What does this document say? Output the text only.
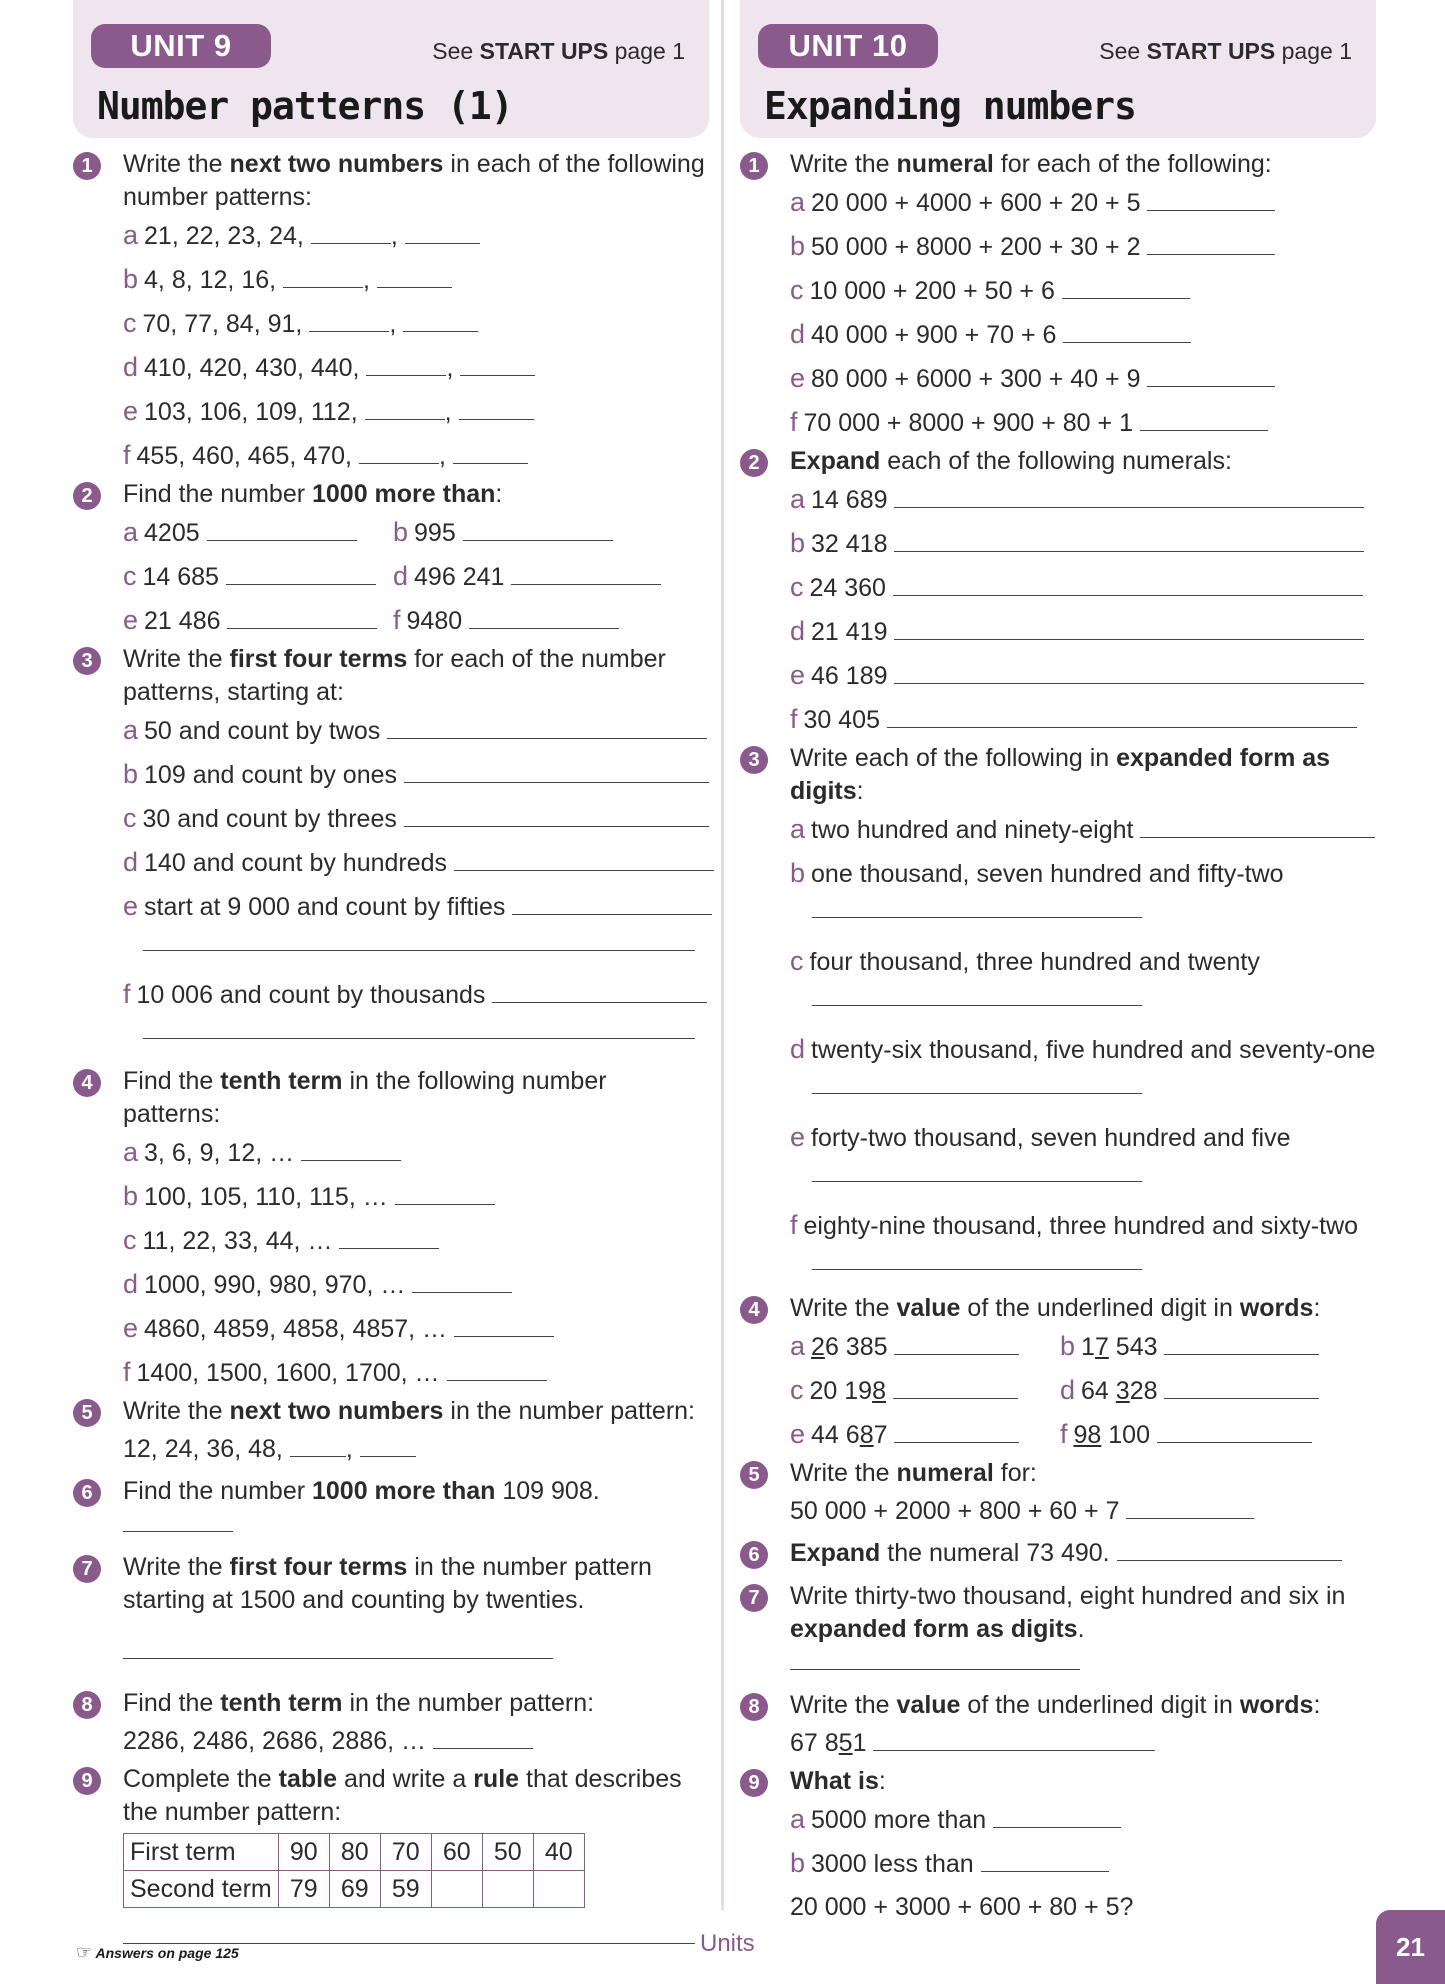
UNIT 9	See START UPS page 1
Number patterns (1)
1	Write the next two numbers in each of the following number patterns:
a 21, 22, 23, 24,	,
b 4, 8, 12, 16,	,
c 70, 77, 84, 91,	,
d 410, 420, 430, 440,	,
e 103, 106, 109, 112,	,
f 455, 460, 465, 470,	,
2	Find the number 1000 more than:
a 4205	b 995
c 14 685	d 496 241
e 21 486	f 9480
3	Write the first four terms for each of the number patterns, starting at:
a 50 and count by twos
b 109 and count by ones
c 30 and count by threes
d 140 and count by hundreds
e start at 9 000 and count by fifties
f 10 006 and count by thousands
4	Find the tenth term in the following number patterns:
a 3, 6, 9, 12, …
b 100, 105, 110, 115, …
c 11, 22, 33, 44, …
d 1000, 990, 980, 970, …
e 4860, 4859, 4858, 4857, …
f 1400, 1500, 1600, 1700, …
5	Write the next two numbers in the number pattern:
12, 24, 36, 48,	,
6	Find the number 1000 more than 109 908.
7	Write the first four terms in the number pattern starting at 1500 and counting by twenties.
8	Find the tenth term in the number pattern:
2286, 2486, 2686, 2886, …
9	Complete the table and write a rule that describes the number pattern:
First term	90	80	70	60	50	40
Second term	79	69	59			
UNIT 10	See START UPS page 1
Expanding numbers
1	Write the numeral for each of the following:
a 20 000 + 4000 + 600 + 20 + 5
b 50 000 + 8000 + 200 + 30 + 2
c 10 000 + 200 + 50 + 6
d 40 000 + 900 + 70 + 6
e 80 000 + 6000 + 300 + 40 + 9
f 70 000 + 8000 + 900 + 80 + 1
2	Expand each of the following numerals:
a 14 689
b 32 418
c 24 360
d 21 419
e 46 189
f 30 405
3	Write each of the following in expanded form as digits:
a two hundred and ninety-eight
b one thousand, seven hundred and fifty-two
c four thousand, three hundred and twenty
d twenty-six thousand, five hundred and seventy-one
e forty-two thousand, seven hundred and five
f eighty-nine thousand, three hundred and sixty-two
4	Write the value of the underlined digit in words:
a 26 385	b 17 543
c 20 198	d 64 328
e 44 687	f 98 100
5	Write the numeral for:
50 000 + 2000 + 800 + 60 + 7
6	Expand the numeral 73 490.
7	Write thirty-two thousand, eight hundred and six in expanded form as digits.
8	Write the value of the underlined digit in words:
67 851
9	What is:
a 5000 more than
b 3000 less than
20 000 + 3000 + 600 + 80 + 5?
☞ Answers on page 125	Units	21
